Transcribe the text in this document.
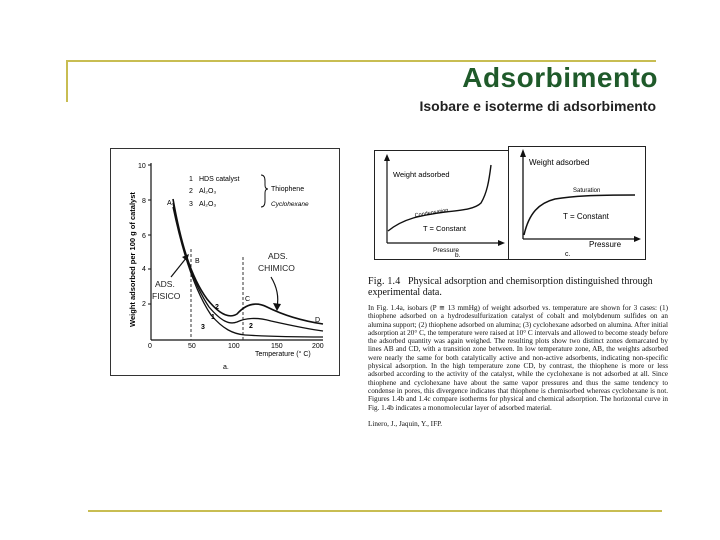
Adsorbimento
Isobare e isoterme di adsorbimento
Weight adsorbed per 100 g of catalyst
10
8
6
4
2
0	50	100	150	200
Temperature (° C)
1 HDS catalyst
2 Al₂O₃
3 Al₂O₃
Thiophene
Cyclohexane
A
B
C
D
1
2
3	2
ADS.
FISICO
ADS.
CHIMICO
a.
Weight adsorbed
Condensation
T = Constant
Pressure
b.
Weight adsorbed
Saturation
T = Constant
Pressure
c.
Fig. 1.4 Physical adsorption and chemisorption distinguished through experimental data.
In Fig. 1.4a, isobars (P ≅ 13 mmHg) of weight adsorbed vs. temperature are shown for 3 cases: (1) thiophene adsorbed on a hydrodesulfurization catalyst of cobalt and molybdenum sulfides on an alumina support; (2) thiophene adsorbed on alumina; (3) cyclohexane adsorbed on alumina. After initial adsorption at 20° C, the temperature were raised at 10° C intervals and allowed to become steady before the adsorbed quantity was again weighed. The resulting plots show two distinct zones demarcated by lines AB and CD, with a transition zone between. In low temperature zone, AB, the weights adsorbed were nearly the same for both catalytically active and non-active adsorbents, indicating non-specific physical adsorption. In the high temperature zone CD, by contrast, the thiophene is more or less adsorbed according to the activity of the catalyst, while the cyclohexane is not adsorbed at all. Since thiophene and cyclohexane have about the same vapor pressures and thus the same tendency to condense in pores, this divergence indicates that thiophene is chemisorbed whereas cyclohexane is not. Figures 1.4b and 1.4c compare isotherms for physical and chemical adsorption. The horizontal curve in Fig. 1.4b indicates a monomolecular layer of adsorbed material.
Linero, J., Jaquin, Y., IFP.
